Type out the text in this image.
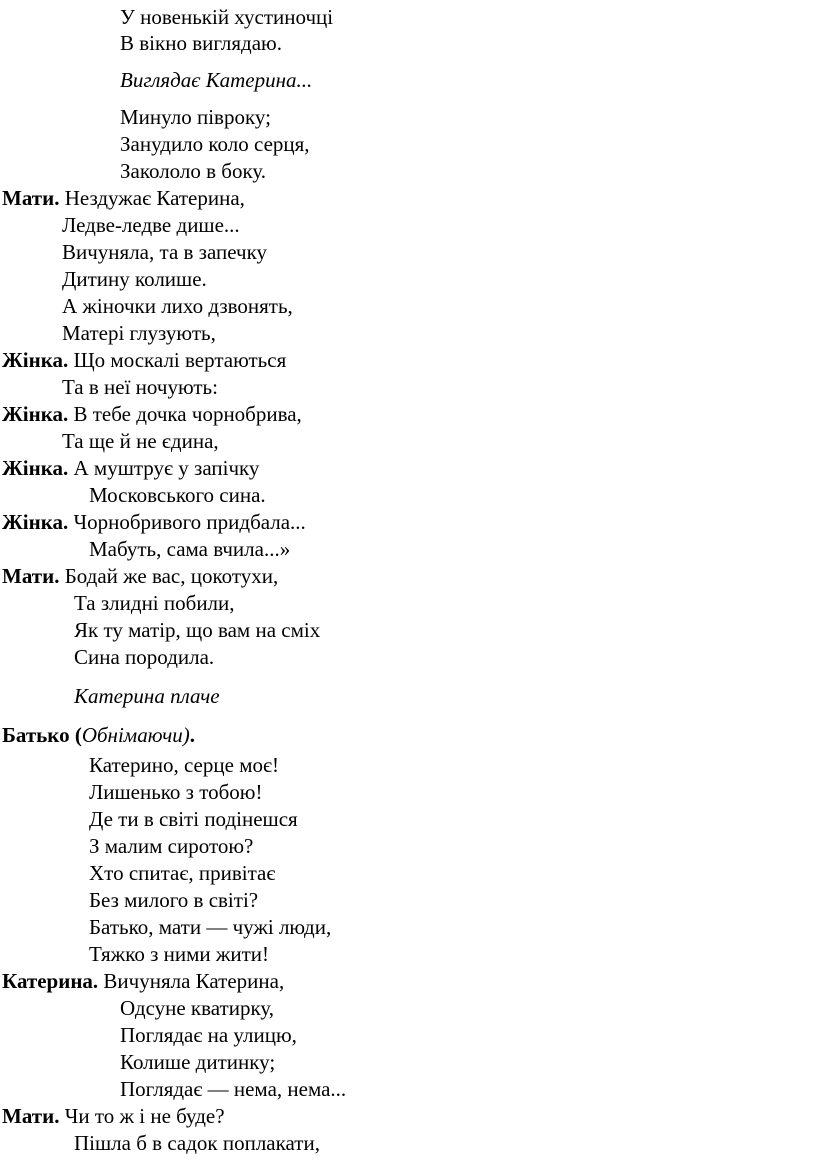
У новенькій хустиночці
В вікно виглядаю.
Виглядає Катерина...
Минуло півроку;
Занудило коло серця,
Закололо в боку.
Мати. Нездужає Катерина,
Ледве-ледве дише...
Вичуняла, та в запечку
Дитину колише.
А жіночки лихо дзвонять,
Матері глузують,
Жінка. Що москалі вертаються
Та в неї ночують:
Жінка. В тебе дочка чорнобрива,
Та ще й не єдина,
Жінка. А муштрує у запічку
Московського сина.
Жінка. Чорнобривого придбала...
Мабуть, сама вчила...»
Мати. Бодай же вас, цокотухи,
Та злидні побили,
Як ту матір, що вам на сміх
Сина породила.
Катерина плаче
Батько (Обнімаючи).
Катерино, серце моє!
Лишенько з тобою!
Де ти в світі подінешся
З малим сиротою?
Хто спитає, привітає
Без милого в світі?
Батько, мати — чужі люди,
Тяжко з ними жити!
Катерина. Вичуняла Катерина,
Одсуне кватирку,
Поглядає на улицю,
Колише дитинку;
Поглядає — нема, нема...
Мати. Чи то ж і не буде?
Пішла б в садок поплакати,
